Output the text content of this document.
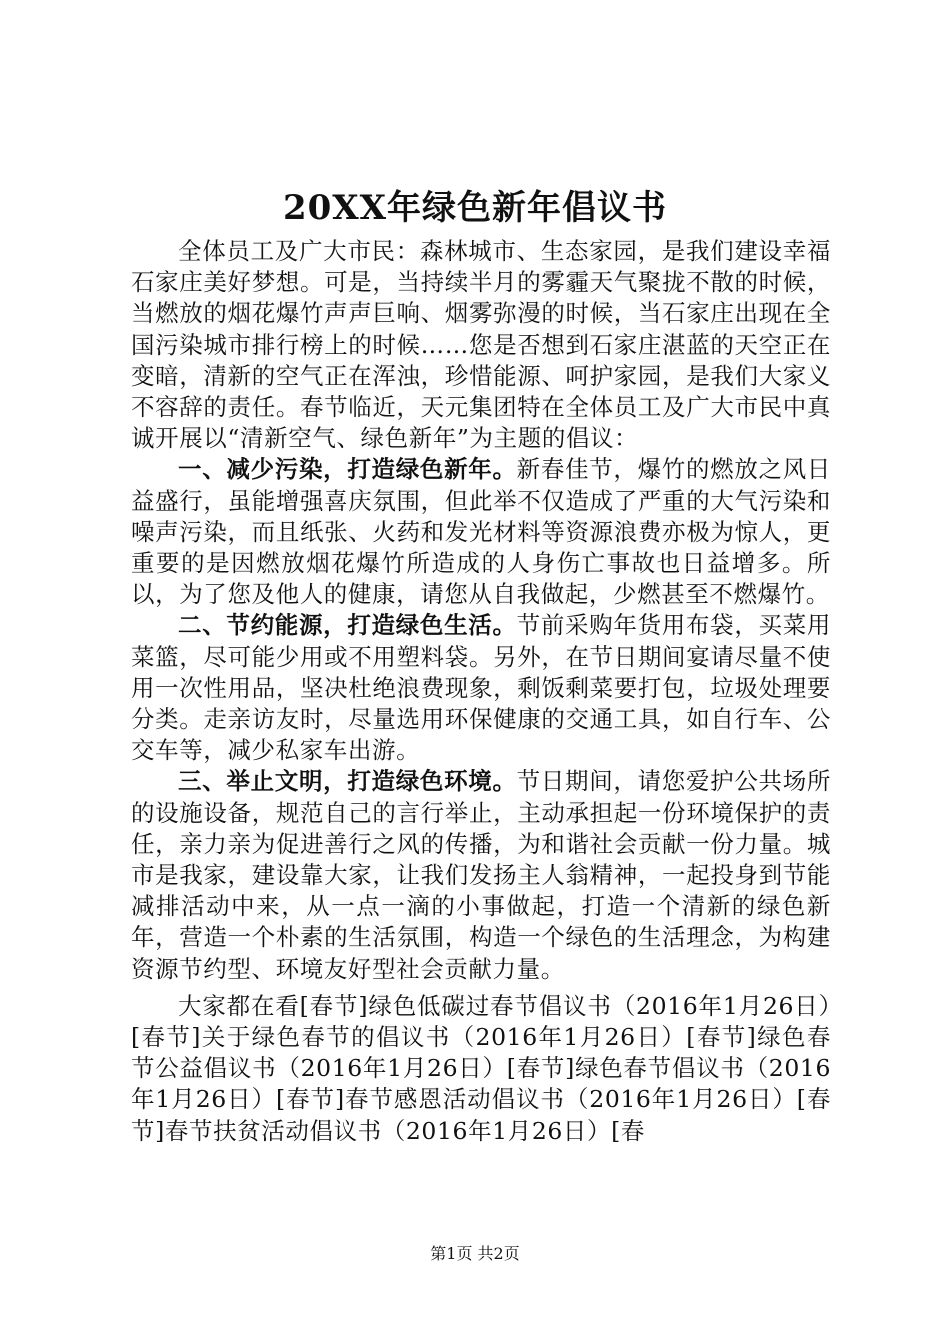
20XX年绿色新年倡议书

全体员工及广大市民：森林城市、生态家园，是我们建设幸福石家庄美好梦想。可是，当持续半月的雾霾天气聚拢不散的时候，当燃放的烟花爆竹声声巨响、烟雾弥漫的时候，当石家庄出现在全国污染城市排行榜上的时候……您是否想到石家庄湛蓝的天空正在变暗，清新的空气正在浑浊，珍惜能源、呵护家园，是我们大家义不容辞的责任。春节临近，天元集团特在全体员工及广大市民中真诚开展以“清新空气、绿色新年”为主题的倡议：

一、减少污染，打造绿色新年。新春佳节，爆竹的燃放之风日益盛行，虽能增强喜庆氛围，但此举不仅造成了严重的大气污染和噪声污染，而且纸张、火药和发光材料等资源浪费亦极为惊人，更重要的是因燃放烟花爆竹所造成的人身伤亡事故也日益增多。所以，为了您及他人的健康，请您从自我做起，少燃甚至不燃爆竹。

二、节约能源，打造绿色生活。节前采购年货用布袋，买菜用菜篮，尽可能少用或不用塑料袋。另外，在节日期间宴请尽量不使用一次性用品，坚决杜绝浪费现象，剩饭剩菜要打包，垃圾处理要分类。走亲访友时，尽量选用环保健康的交通工具，如自行车、公交车等，减少私家车出游。

三、举止文明，打造绿色环境。节日期间，请您爱护公共场所的设施设备，规范自己的言行举止，主动承担起一份环境保护的责任，亲力亲为促进善行之风的传播，为和谐社会贡献一份力量。城市是我家，建设靠大家，让我们发扬主人翁精神，一起投身到节能减排活动中来，从一点一滴的小事做起，打造一个清新的绿色新年，营造一个朴素的生活氛围，构造一个绿色的生活理念，为构建资源节约型、环境友好型社会贡献力量。

大家都在看[春节]绿色低碳过春节倡议书（2016年1月26日）[春节]关于绿色春节的倡议书（2016年1月26日）[春节]绿色春节公益倡议书（2016年1月26日）[春节]绿色春节倡议书（2016年1月26日）[春节]春节感恩活动倡议书（2016年1月26日）[春节]春节扶贫活动倡议书（2016年1月26日）[春

第1页 共2页
